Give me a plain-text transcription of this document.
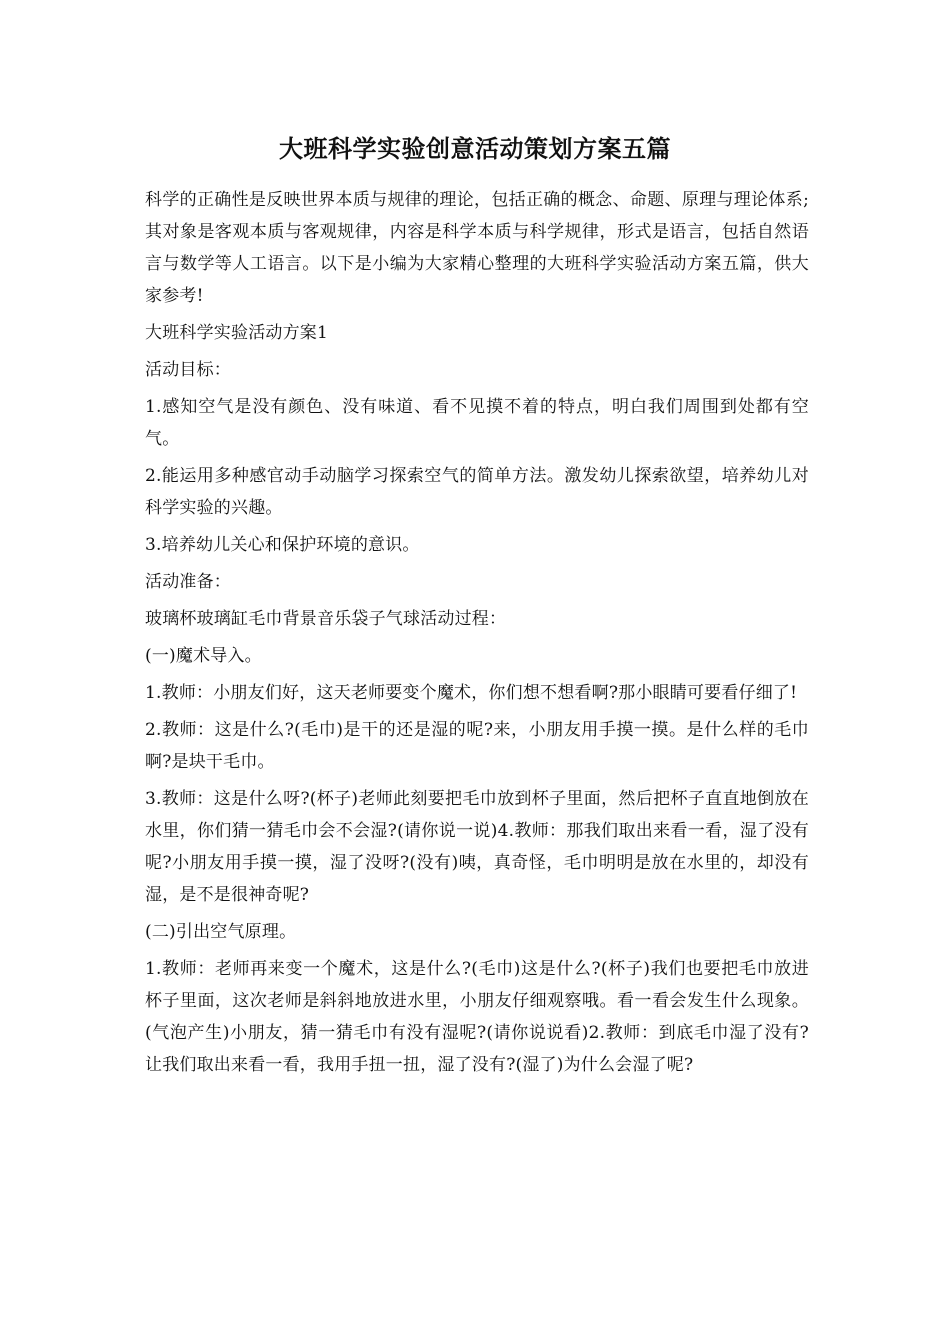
大班科学实验创意活动策划方案五篇

科学的正确性是反映世界本质与规律的理论，包括正确的概念、命题、原理与理论体系;其对象是客观本质与客观规律，内容是科学本质与科学规律，形式是语言，包括自然语言与数学等人工语言。以下是小编为大家精心整理的大班科学实验活动方案五篇，供大家参考!

大班科学实验活动方案1

活动目标：

1.感知空气是没有颜色、没有味道、看不见摸不着的特点，明白我们周围到处都有空气。

2.能运用多种感官动手动脑学习探索空气的简单方法。激发幼儿探索欲望，培养幼儿对科学实验的兴趣。

3.培养幼儿关心和保护环境的意识。

活动准备：

玻璃杯玻璃缸毛巾背景音乐袋子气球活动过程：

(一)魔术导入。

1.教师：小朋友们好，这天老师要变个魔术，你们想不想看啊?那小眼睛可要看仔细了!

2.教师：这是什么?(毛巾)是干的还是湿的呢?来，小朋友用手摸一摸。是什么样的毛巾啊?是块干毛巾。

3.教师：这是什么呀?(杯子)老师此刻要把毛巾放到杯子里面，然后把杯子直直地倒放在水里，你们猜一猜毛巾会不会湿?(请你说一说)4.教师：那我们取出来看一看，湿了没有呢?小朋友用手摸一摸，湿了没呀?(没有)咦，真奇怪，毛巾明明是放在水里的，却没有湿，是不是很神奇呢?

(二)引出空气原理。

1.教师：老师再来变一个魔术，这是什么?(毛巾)这是什么?(杯子)我们也要把毛巾放进杯子里面，这次老师是斜斜地放进水里，小朋友仔细观察哦。看一看会发生什么现象。(气泡产生)小朋友，猜一猜毛巾有没有湿呢?(请你说说看)2.教师：到底毛巾湿了没有?让我们取出来看一看，我用手扭一扭，湿了没有?(湿了)为什么会湿了呢?
